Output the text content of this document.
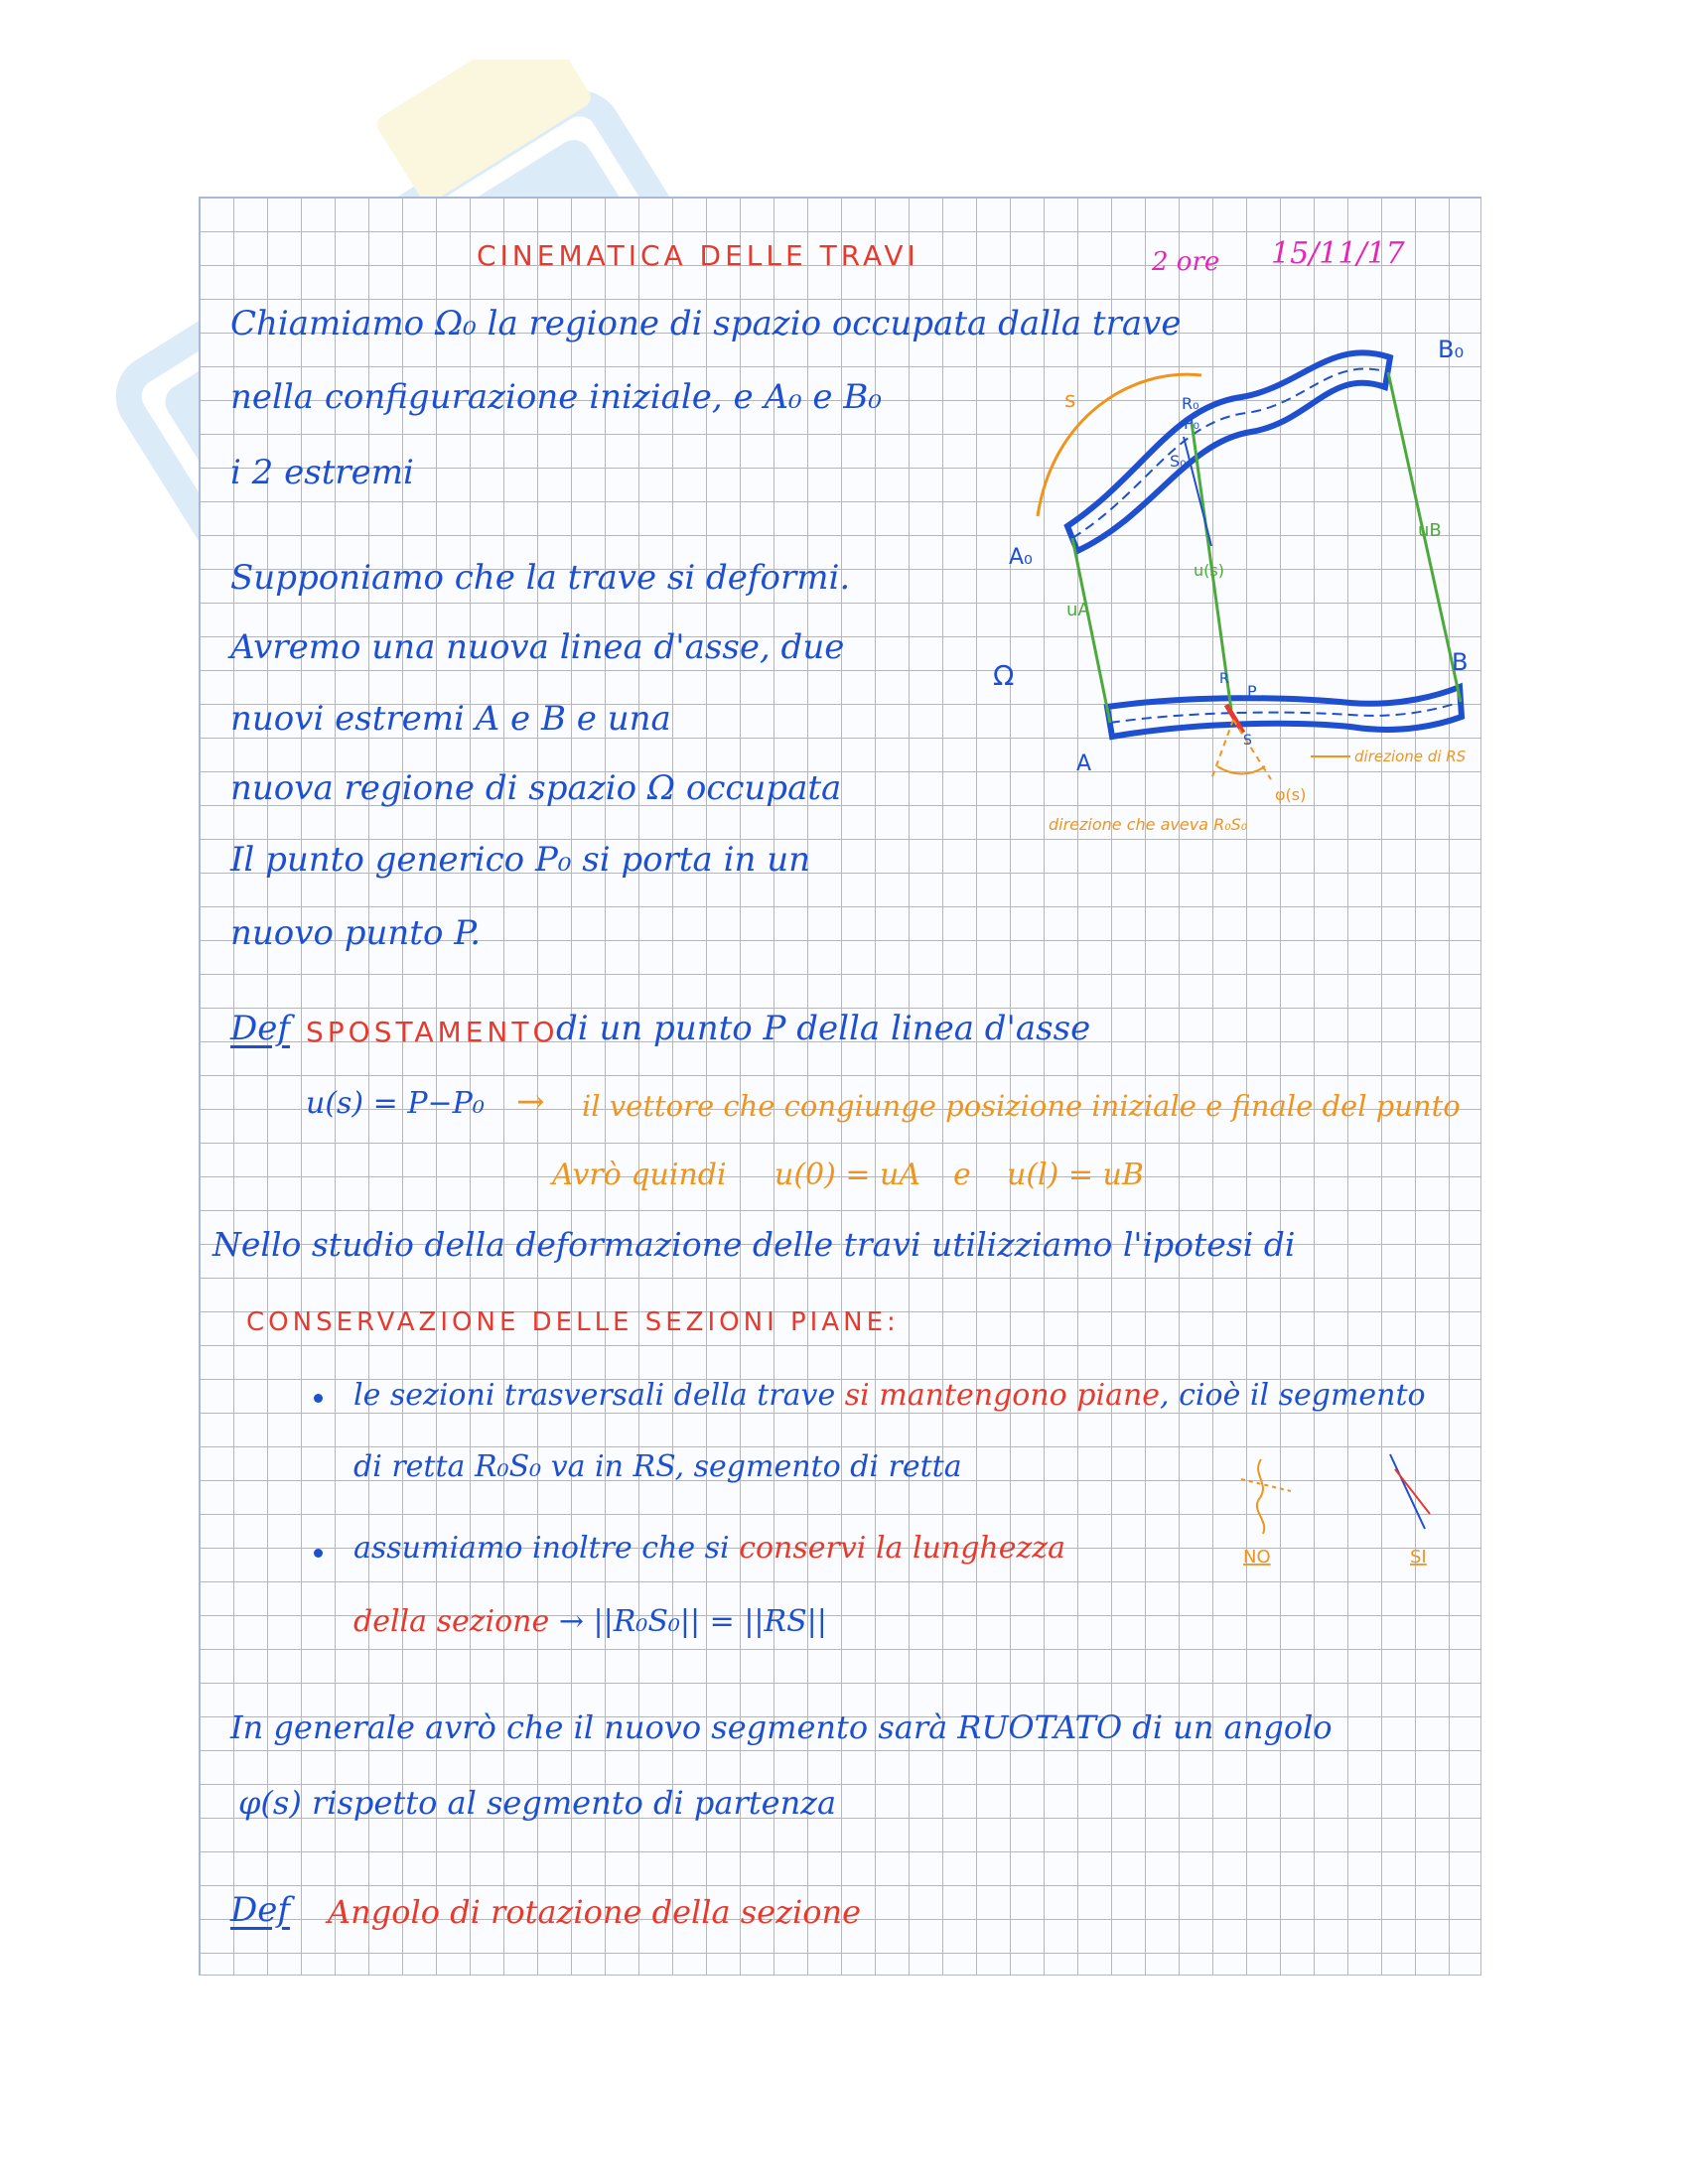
CINEMATICA DELLE TRAVI	2 ore 15/11/17
Chiamiamo Ω₀ la regione di spazio occupata dalla trave
nella configurazione iniziale, e A₀ e B₀
i 2 estremi
Supponiamo che la trave si deformi.
Avremo una nuova linea d'asse, due
nuovi estremi A e B e una
nuova regione di spazio Ω occupata
Il punto generico P₀ si porta in un
nuovo punto P.
B₀
A₀
R₀
P₀
S₀
s
uA
uB
u(s)
Ω
A
B
R
P
S
direzione di RS
φ(s)
direzione che aveva R₀S₀
Def SPOSTAMENTO
di un punto P della linea d'asse
u(s) = P−P₀ → il vettore che congiunge posizione iniziale e finale del punto
Avrò quindi u(0) = uA e u(l) = uB
Nello studio della deformazione delle travi utilizziamo l'ipotesi di
CONSERVAZIONE DELLE SEZIONI PIANE:
le sezioni trasversali della trave si mantengono piane, cioè il segmento
di retta R₀S₀ va in RS, segmento di retta
NO	SI
assumiamo inoltre che si conservi la lunghezza
della sezione → ||R₀S₀|| = ||RS||
In generale avrò che il nuovo segmento sarà RUOTATO di un angolo
φ(s) rispetto al segmento di partenza
Def Angolo di rotazione della sezione
